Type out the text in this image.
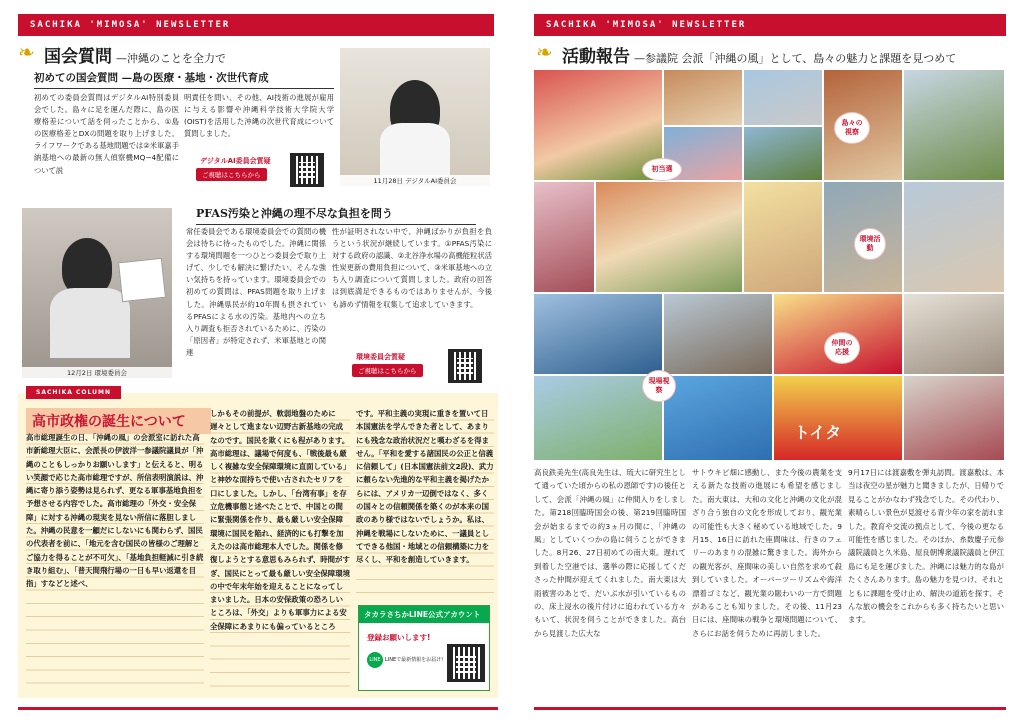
SACHIKA 'MIMOSA' NEWSLETTER
❧ 国会質問 —沖縄のことを全力で
初めての国会質問 —島の医療・基地・次世代育成
初めての委員会質問はデジタルAI特別委員会でした。島々に足を運んだ際に、島の医療格差について話を伺ったことから、①島の医療格差とDXの問題を取り上げました。ライフワークである基地問題では②米軍嘉手納基地への最新の無人偵察機MQ−4配備について説
明責任を問い、その他、AI技術の進展が雇用に与える影響や沖縄科学技術大学院大学(OIST)を活用した沖縄の次世代育成について質問しました。
デジタルAI委員会質疑
ご視聴はこちらから
11月28日 デジタルAI委員会
12月2日 環境委員会
PFAS汚染と沖縄の理不尽な負担を問う
常任委員会である環境委員会での質問の機会は待ちに待ったものでした。沖縄に関係する環境問題を一つひとつ委員会で取り上げて、少しでも解決に繋げたい、そんな強い気持ちを持っています。環境委員会での初めての質問は、PFAS問題を取り上げました。沖縄県民が約10年間も摂されているPFASによる水の汚染。基地内への立ち入り調査も拒否されているために、汚染の「原因者」が特定されず、米軍基地との関連
性が証明されない中で、沖縄ばかりが負担を負うという状況が継続しています。①PFAS汚染に対する政府の認識、②北谷浄水場の高機能粒状活性炭更新の費用負担について、③米軍基地への立ち入り調査について質問しました。政府の回答は到底満足できるものではありませんが、今後も諦めず情報を収集して追求していきます。
環境委員会質疑
ご視聴はこちらから
SACHIKA COLUMN
高市政権の誕生について
高市総理誕生の日、「沖縄の風」の会派室に訪れた高市新総理大臣に、会派長の伊波洋一参議院議員が「沖縄のこともしっかりお願いします」と伝えると、明るい笑顔で応じた高市総理ですが、所信表明演説は、沖縄に寄り添う姿勢は見られず、更なる軍事基地負担を予想させる内容でした。高市総理の「外交・安全保障」に対する沖縄の現実を見ない所信に落胆しました。沖縄の民意を一顧だにしないにも関わらず、国民の代表者を前に、「地元を含む国民の皆様のご理解とご協力を得ることが不可欠」、「基地負担軽減に引き続き取り組む」、「普天間飛行場の一日も早い返還を目指」すなどと述べ、
しかもその前提が、軟弱地盤のために遅々として進まない辺野古新基地の完成なのです。国民を欺くにも程があります。高市総理は、議場で何度も、「戦後最も厳しく複雑な安全保障環境に直面している」と神妙な面持ちで使い古されたセリフを口にしました。しかし、「台湾有事」を存立危機事態と述べたことで、中国との間に緊張関係を作り、最も厳しい安全保障環境に国民を陥れ、経済的にも打撃を加えたのは高市総理本人でした。関係を修復しようとする意思もみられず、時間がすぎ、国民にとって最も厳しい安全保障環境の中で年末年始を迎えることになってしまいました。日本の安保政策の恐ろしいところは、「外交」よりも軍事力による安全保障にあまりにも偏っているところ
です。平和主義の実現に重きを置いて日本国憲法を学んできた者として、あまりにも残念な政治状況だと嘆わざるを得ません。「平和を愛する諸国民の公正と信義に信頼して」(日本国憲法前文2段)、武力に頼らない先進的な平和主義を掲げたからには、アメリカ一辺倒ではなく、多くの国々との信頼関係を築くのが本来の国政のあり様ではないでしょうか。私は、沖縄を戦場にしないために、一議員としてできる他国・地域との信頼構築に力を尽くし、平和を創造していきます。
タカラさちかLINE公式アカウント
登録お願いします!
LINE LINEで最新情報をお届け!
SACHIKA 'MIMOSA' NEWSLETTER
❧ 活動報告 —参議院 会派「沖縄の風」として、島々の魅力と課題を見つめて
トイタ
初当選
島々の視察
環境活動
現場視察
仲間の応援
高良鉄美先生(高良先生は、琉大に研究生として通っていた頃からの私の恩師です)の後任として、会派「沖縄の風」に仲間入りをしました。第218回臨時国会の後、第219回臨時国会が始まるまでの約3ヵ月の間に、「沖縄の風」としていくつかの島に伺うことができました。8月26、27日初めての南大東。遅れて到着した空港では、選挙の際に応援してくださった仲間が迎えてくれました。南大東は大雨被害のあとで、だいぶ水が引いているものの、床上浸水の後片付けに追われている方々もいて、状況を伺うことができました。高台から見渡した広大な
サトウキビ畑に感動し、また今後の農業を支える新たな技術の進展にも希望を感じました。南大東は、大和の文化と沖縄の文化が混ざり合う独自の文化を形成しており、観光業の可能性も大きく秘めている地域でした。9月15、16日に訪れた座間味は、行きのフェリーのあまりの混雑に驚きました。海外からの観光客が、座間味の美しい自然を求めて殺到していました。オーバーツーリズムや海洋漂着ゴミなど、観光業の賑わいの一方で問題があることも知りました。その後、11月23日には、座間味の戦争と環境問題について、さらにお話を伺うために再訪しました。
9月17日には渡嘉敷を弾丸訪問。渡嘉敷は、本当は夜空の星が魅力と聞きましたが、日帰りで見ることがかなわず残念でした。その代わり、素晴らしい景色が見渡せる青少年の家を訪れました。教育や交流の拠点として、今後の更なる可能性を感じました。そのほか、糸数慶子元参議院議員と久米島、屋良朝博衆議院議員と伊江島にも足を運びました。沖縄には魅力的な島がたくさんあります。島の魅力を見つけ、それとともに課題を受け止め、解決の道筋を探す、そんな旅の機会をこれからも多く持ちたいと思います。
